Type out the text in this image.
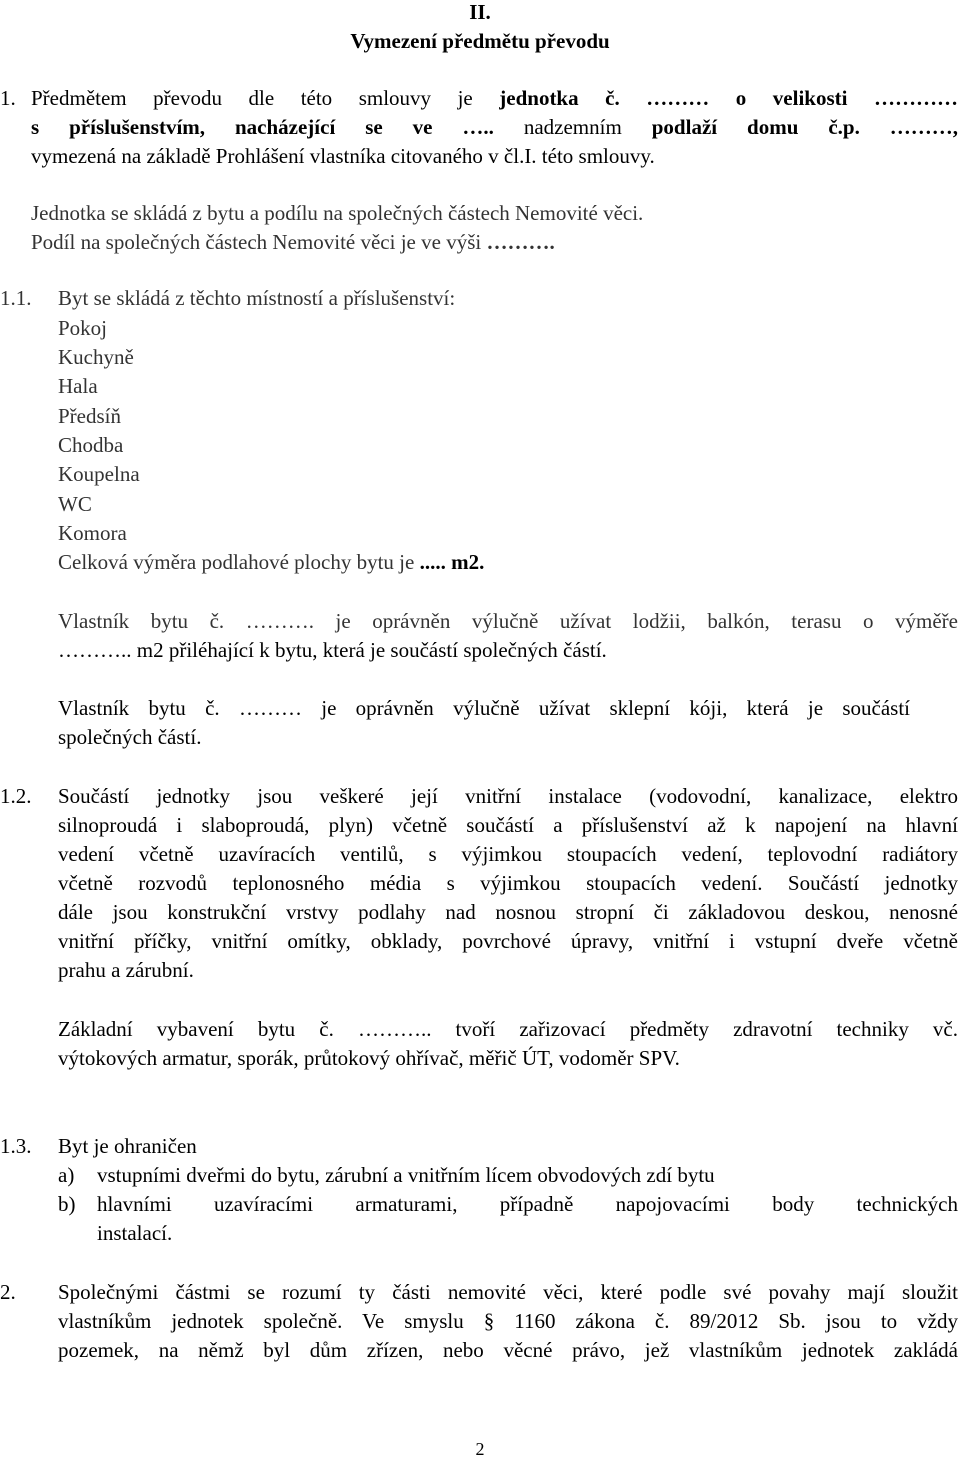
II.
Vymezení předmětu převodu
1. Předmětem převodu dle této smlouvy je jednotka č. ……… o velikosti …………
s příslušenstvím, nacházející se ve ….. nadzemním podlaží domu č.p. ………,
vymezená na základě Prohlášení vlastníka citovaného v čl.I. této smlouvy.
Jednotka se skládá z bytu a podílu na společných částech Nemovité věci.
Podíl na společných částech Nemovité věci je ve výši ……….
1.1. Byt se skládá z těchto místností a příslušenství:
Pokoj
Kuchyně
Hala
Předsíň
Chodba
Koupelna
WC
Komora
Celková výměra podlahové plochy bytu je ..... m2.
Vlastník bytu č. ………. je oprávněn výlučně užívat lodžii, balkón, terasu o výměře
……….. m2 přiléhající k bytu, která je součástí společných částí.
Vlastník bytu č. ……… je oprávněn výlučně užívat sklepní kóji, která je součástí
společných částí.
1.2. Součástí jednotky jsou veškeré její vnitřní instalace (vodovodní, kanalizace, elektro
silnoproudá i slaboproudá, plyn) včetně součástí a příslušenství až k napojení na hlavní
vedení včetně uzavíracích ventilů, s výjimkou stoupacích vedení, teplovodní radiátory
včetně rozvodů teplonosného média s výjimkou stoupacích vedení. Součástí jednotky
dále jsou konstrukční vrstvy podlahy nad nosnou stropní či základovou deskou, nenosné
vnitřní příčky, vnitřní omítky, obklady, povrchové úpravy, vnitřní i vstupní dveře včetně
prahu a zárubní.
Základní vybavení bytu č. ……….. tvoří zařizovací předměty zdravotní techniky vč.
výtokových armatur, sporák, průtokový ohřívač, měřič ÚT, vodoměr SPV.
1.3. Byt je ohraničen
a) vstupními dveřmi do bytu, zárubní a vnitřním lícem obvodových zdí bytu
b) hlavními uzavíracími armaturami, případně napojovacími body technických
instalací.
2. Společnými částmi se rozumí ty části nemovité věci, které podle své povahy mají sloužit
vlastníkům jednotek společně. Ve smyslu § 1160 zákona č. 89/2012 Sb. jsou to vždy
pozemek, na němž byl dům zřízen, nebo věcné právo, jež vlastníkům jednotek zakládá
2
